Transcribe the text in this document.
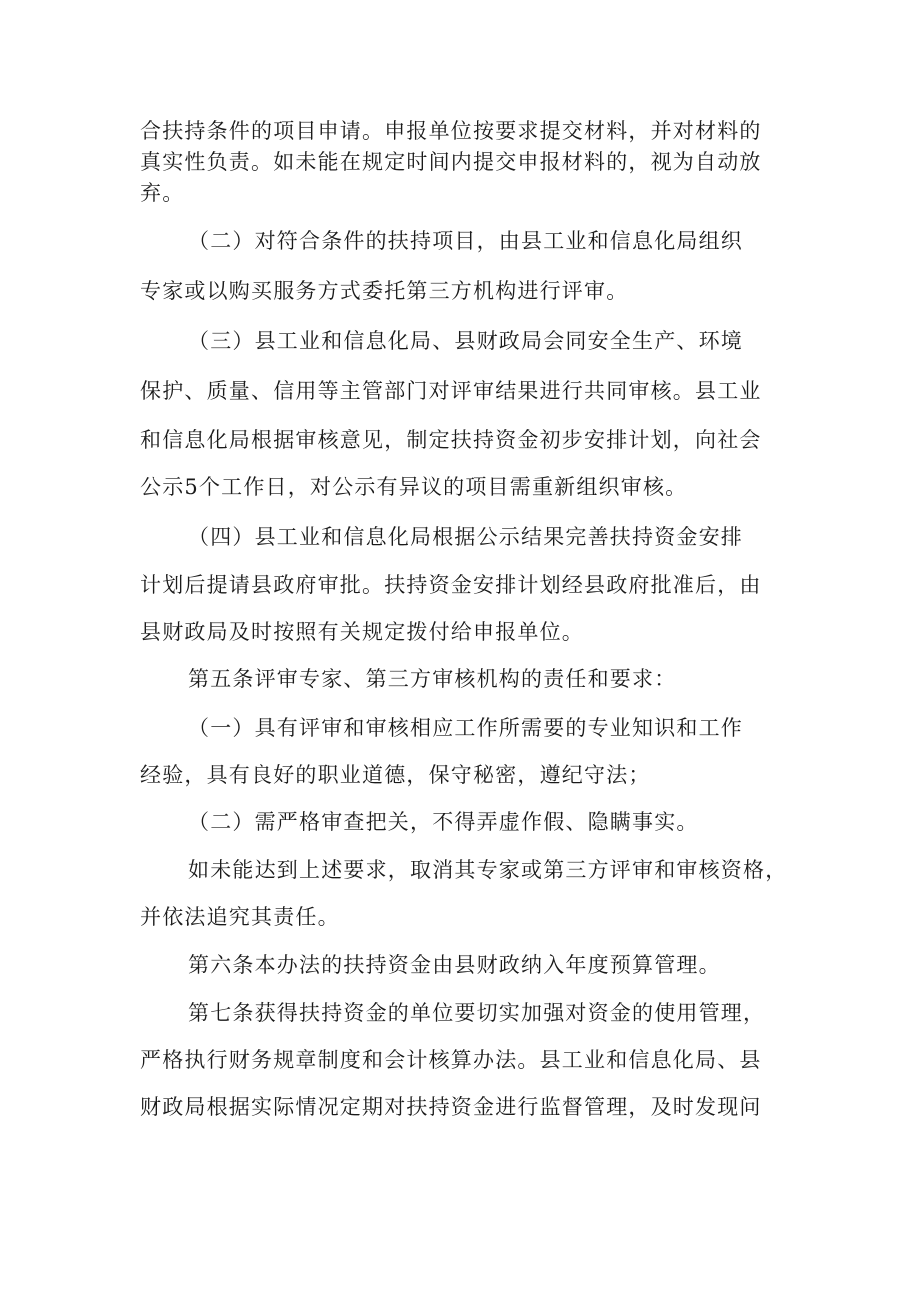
合扶持条件的项目申请。申报单位按要求提交材料，并对材料的
真实性负责。如未能在规定时间内提交申报材料的，视为自动放
弃。
（二）对符合条件的扶持项目，由县工业和信息化局组织
专家或以购买服务方式委托第三方机构进行评审。
（三）县工业和信息化局、县财政局会同安全生产、环境
保护、质量、信用等主管部门对评审结果进行共同审核。县工业
和信息化局根据审核意见，制定扶持资金初步安排计划，向社会
公示5个工作日，对公示有异议的项目需重新组织审核。
（四）县工业和信息化局根据公示结果完善扶持资金安排
计划后提请县政府审批。扶持资金安排计划经县政府批准后，由
县财政局及时按照有关规定拨付给申报单位。
第五条评审专家、第三方审核机构的责任和要求：
（一）具有评审和审核相应工作所需要的专业知识和工作
经验，具有良好的职业道德，保守秘密，遵纪守法；
（二）需严格审查把关，不得弄虚作假、隐瞒事实。
如未能达到上述要求，取消其专家或第三方评审和审核资格，
并依法追究其责任。
第六条本办法的扶持资金由县财政纳入年度预算管理。
第七条获得扶持资金的单位要切实加强对资金的使用管理，
严格执行财务规章制度和会计核算办法。县工业和信息化局、县
财政局根据实际情况定期对扶持资金进行监督管理，及时发现问
